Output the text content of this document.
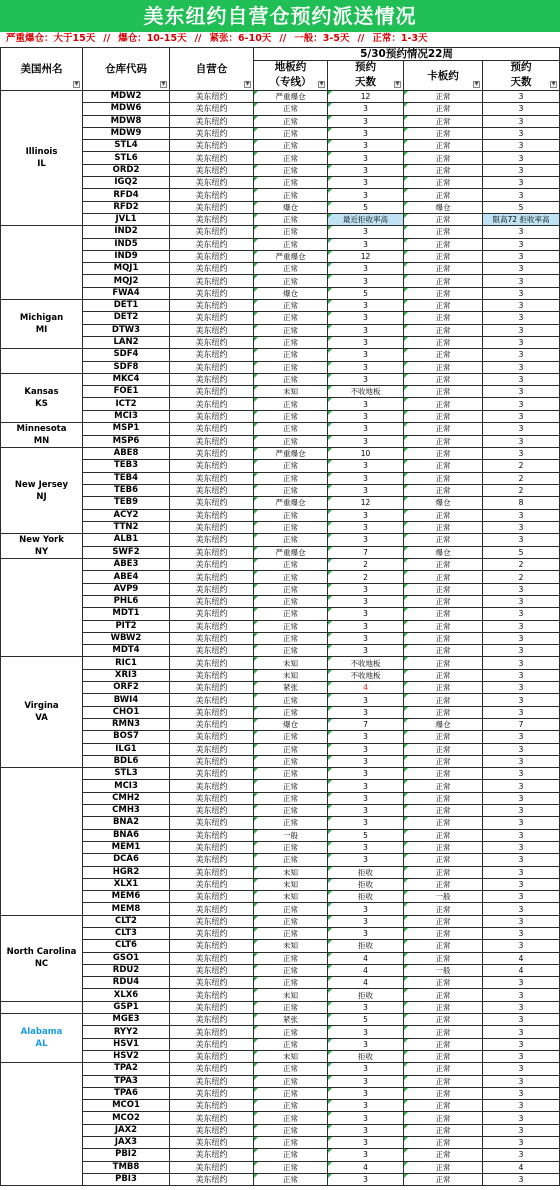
美东纽约自营仓预约派送情况
严重爆仓：大于15天 // 爆仓：10-15天 // 紧张：6-10天 // 一般：3-5天 // 正常：1-3天
美国州名
▼	仓库代码
▼	自营仓
▼	5/30预约情况22周			
			地板约	预约	卡板约
▼	预约
			（专线） ▼	天数 ▼		天数 ▼

Illinois
IL	MDW2	美东纽约	严重爆仓	12	正常	3
	MDW6	美东纽约	正常	3	正常	3
	MDW8	美东纽约	正常	3	正常	3
	MDW9	美东纽约	正常	3	正常	3
	STL4	美东纽约	正常	3	正常	3
	STL6	美东纽约	正常	3	正常	3
	ORD2	美东纽约	正常	3	正常	3
	IGQ2	美东纽约	正常	3	正常	3
	RFD4	美东纽约	正常	3	正常	3
	RFD2	美东纽约	爆仓	5	爆仓	5
	JVL1	美东纽约	正常	最近拒收率高	正常	限高72 拒收率高

	IND2	美东纽约	正常	3	正常	3
	IND5	美东纽约	正常	3	正常	3
	IND9	美东纽约	严重爆仓	12	正常	3
	MQJ1	美东纽约	正常	3	正常	3
	MQJ2	美东纽约	正常	3	正常	3
	FWA4	美东纽约	爆仓	5	正常	3

Michigan
MI	DET1	美东纽约	正常	3	正常	3
	DET2	美东纽约	正常	3	正常	3
	DTW3	美东纽约	正常	3	正常	3
	LAN2	美东纽约	正常	3	正常	3

	SDF4	美东纽约	正常	3	正常	3
	SDF8	美东纽约	正常	3	正常	3

Kansas
KS	MKC4	美东纽约	正常	3	正常	3
	FOE1	美东纽约	未知	不收地板	正常	3
	ICT2	美东纽约	正常	3	正常	3
	MCI3	美东纽约	正常	3	正常	3

Minnesota
MN	MSP1	美东纽约	正常	3	正常	3
	MSP6	美东纽约	正常	3	正常	3

New Jersey
NJ	ABE8	美东纽约	严重爆仓	10	正常	3
	TEB3	美东纽约	正常	3	正常	2
	TEB4	美东纽约	正常	3	正常	2
	TEB6	美东纽约	正常	3	正常	2
	TEB9	美东纽约	严重爆仓	12	爆仓	8
	ACY2	美东纽约	正常	3	正常	3
	TTN2	美东纽约	正常	3	正常	3

New York
NY	ALB1	美东纽约	正常	3	正常	3
	SWF2	美东纽约	严重爆仓	7	爆仓	5

	ABE3	美东纽约	正常	2	正常	2
	ABE4	美东纽约	正常	2	正常	2
	AVP9	美东纽约	正常	3	正常	3
	PHL6	美东纽约	正常	3	正常	3
	MDT1	美东纽约	正常	3	正常	3
	PIT2	美东纽约	正常	3	正常	3
	WBW2	美东纽约	正常	3	正常	3
	MDT4	美东纽约	正常	3	正常	3

Virgina
VA	RIC1	美东纽约	未知	不收地板	正常	3
	XRI3	美东纽约	未知	不收地板	正常	3
	ORF2	美东纽约	紧张	4	正常	3
	BWI4	美东纽约	正常	3	正常	3
	CHO1	美东纽约	正常	3	正常	3
	RMN3	美东纽约	爆仓	7	爆仓	7
	BOS7	美东纽约	正常	3	正常	3
	ILG1	美东纽约	正常	3	正常	3
	BDL6	美东纽约	正常	3	正常	3

	STL3	美东纽约	正常	3	正常	3
	MCI3	美东纽约	正常	3	正常	3
	CMH2	美东纽约	正常	3	正常	3
	CMH3	美东纽约	正常	3	正常	3
	BNA2	美东纽约	正常	3	正常	3
	BNA6	美东纽约	一般	5	正常	3
	MEM1	美东纽约	正常	3	正常	3
	DCA6	美东纽约	正常	3	正常	3
	HGR2	美东纽约	未知	拒收	正常	3
	XLX1	美东纽约	未知	拒收	正常	3
	MEM6	美东纽约	未知	拒收	一般	3
	MEM8	美东纽约	正常	3	正常	3

North Carolina
NC	CLT2	美东纽约	正常	3	正常	3
	CLT3	美东纽约	正常	3	正常	3
	CLT6	美东纽约	未知	拒收	正常	3
	GSO1	美东纽约	正常	4	正常	4
	RDU2	美东纽约	正常	4	一般	4
	RDU4	美东纽约	正常	4	正常	3
	XLX6	美东纽约	未知	拒收	正常	3

	GSP1	美东纽约	正常	3	正常	3

Alabama
AL	MGE3	美东纽约	紧张	5	正常	3
	RYY2	美东纽约	正常	3	正常	3
	HSV1	美东纽约	正常	3	正常	3
	HSV2	美东纽约	未知	拒收	正常	3

	TPA2	美东纽约	正常	3	正常	3
	TPA3	美东纽约	正常	3	正常	3
	TPA6	美东纽约	正常	3	正常	3
	MCO1	美东纽约	正常	3	正常	3
	MCO2	美东纽约	正常	3	正常	3
	JAX2	美东纽约	正常	3	正常	3
	JAX3	美东纽约	正常	3	正常	3
	PBI2	美东纽约	正常	3	正常	3
	TMB8	美东纽约	正常	4	正常	4
	PBI3	美东纽约	正常	3	正常	3
